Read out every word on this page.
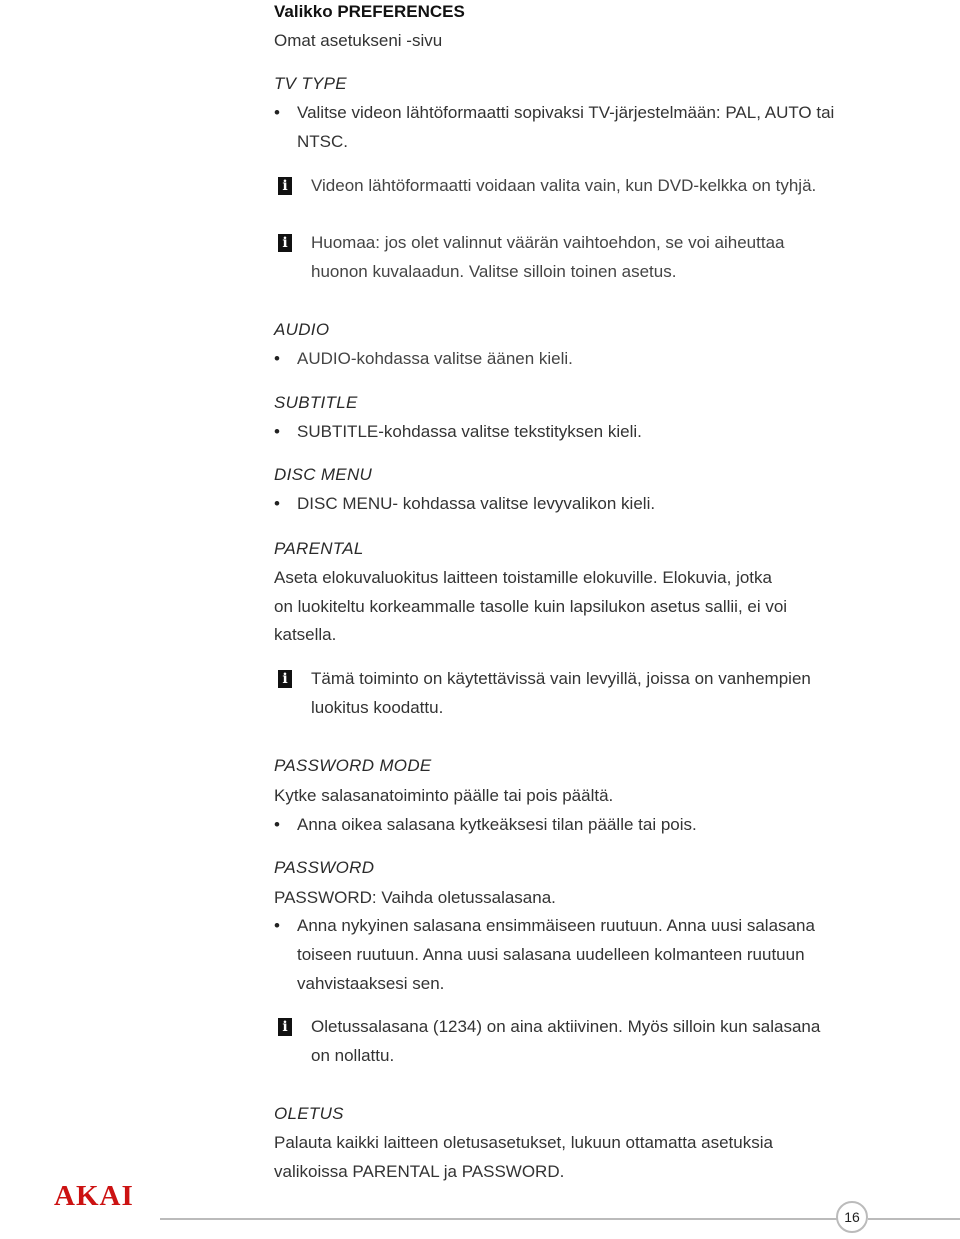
Valikko PREFERENCES
Omat asetukseni -sivu
TV TYPE
•	Valitse videon lähtöformaatti sopivaksi TV-järjestelmään: PAL, AUTO tai
NTSC.
i	Videon lähtöformaatti voidaan valita vain, kun DVD-kelkka on tyhjä.
i	Huomaa: jos olet valinnut väärän vaihtoehdon, se voi aiheuttaa
huonon kuvalaadun. Valitse silloin toinen asetus.
AUDIO
•	AUDIO-kohdassa valitse äänen kieli.
SUBTITLE
•	SUBTITLE-kohdassa valitse tekstityksen kieli.
DISC MENU
•	DISC MENU- kohdassa valitse levyvalikon kieli.
PARENTAL
Aseta elokuvaluokitus laitteen toistamille elokuville. Elokuvia, jotka
on luokiteltu korkeammalle tasolle kuin lapsilukon asetus sallii, ei voi
katsella.
i	Tämä toiminto on käytettävissä vain levyillä, joissa on vanhempien
luokitus koodattu.
PASSWORD MODE
Kytke salasanatoiminto päälle tai pois päältä.
•	Anna oikea salasana kytkeäksesi tilan päälle tai pois.
PASSWORD
PASSWORD: Vaihda oletussalasana.
•	Anna nykyinen salasana ensimmäiseen ruutuun. Anna uusi salasana
toiseen ruutuun. Anna uusi salasana uudelleen kolmanteen ruutuun
vahvistaaksesi sen.
i	Oletussalasana (1234) on aina aktiivinen. Myös silloin kun salasana
on nollattu.
OLETUS
Palauta kaikki laitteen oletusasetukset, lukuun ottamatta asetuksia
valikoissa PARENTAL ja PASSWORD.
AKAI
16
